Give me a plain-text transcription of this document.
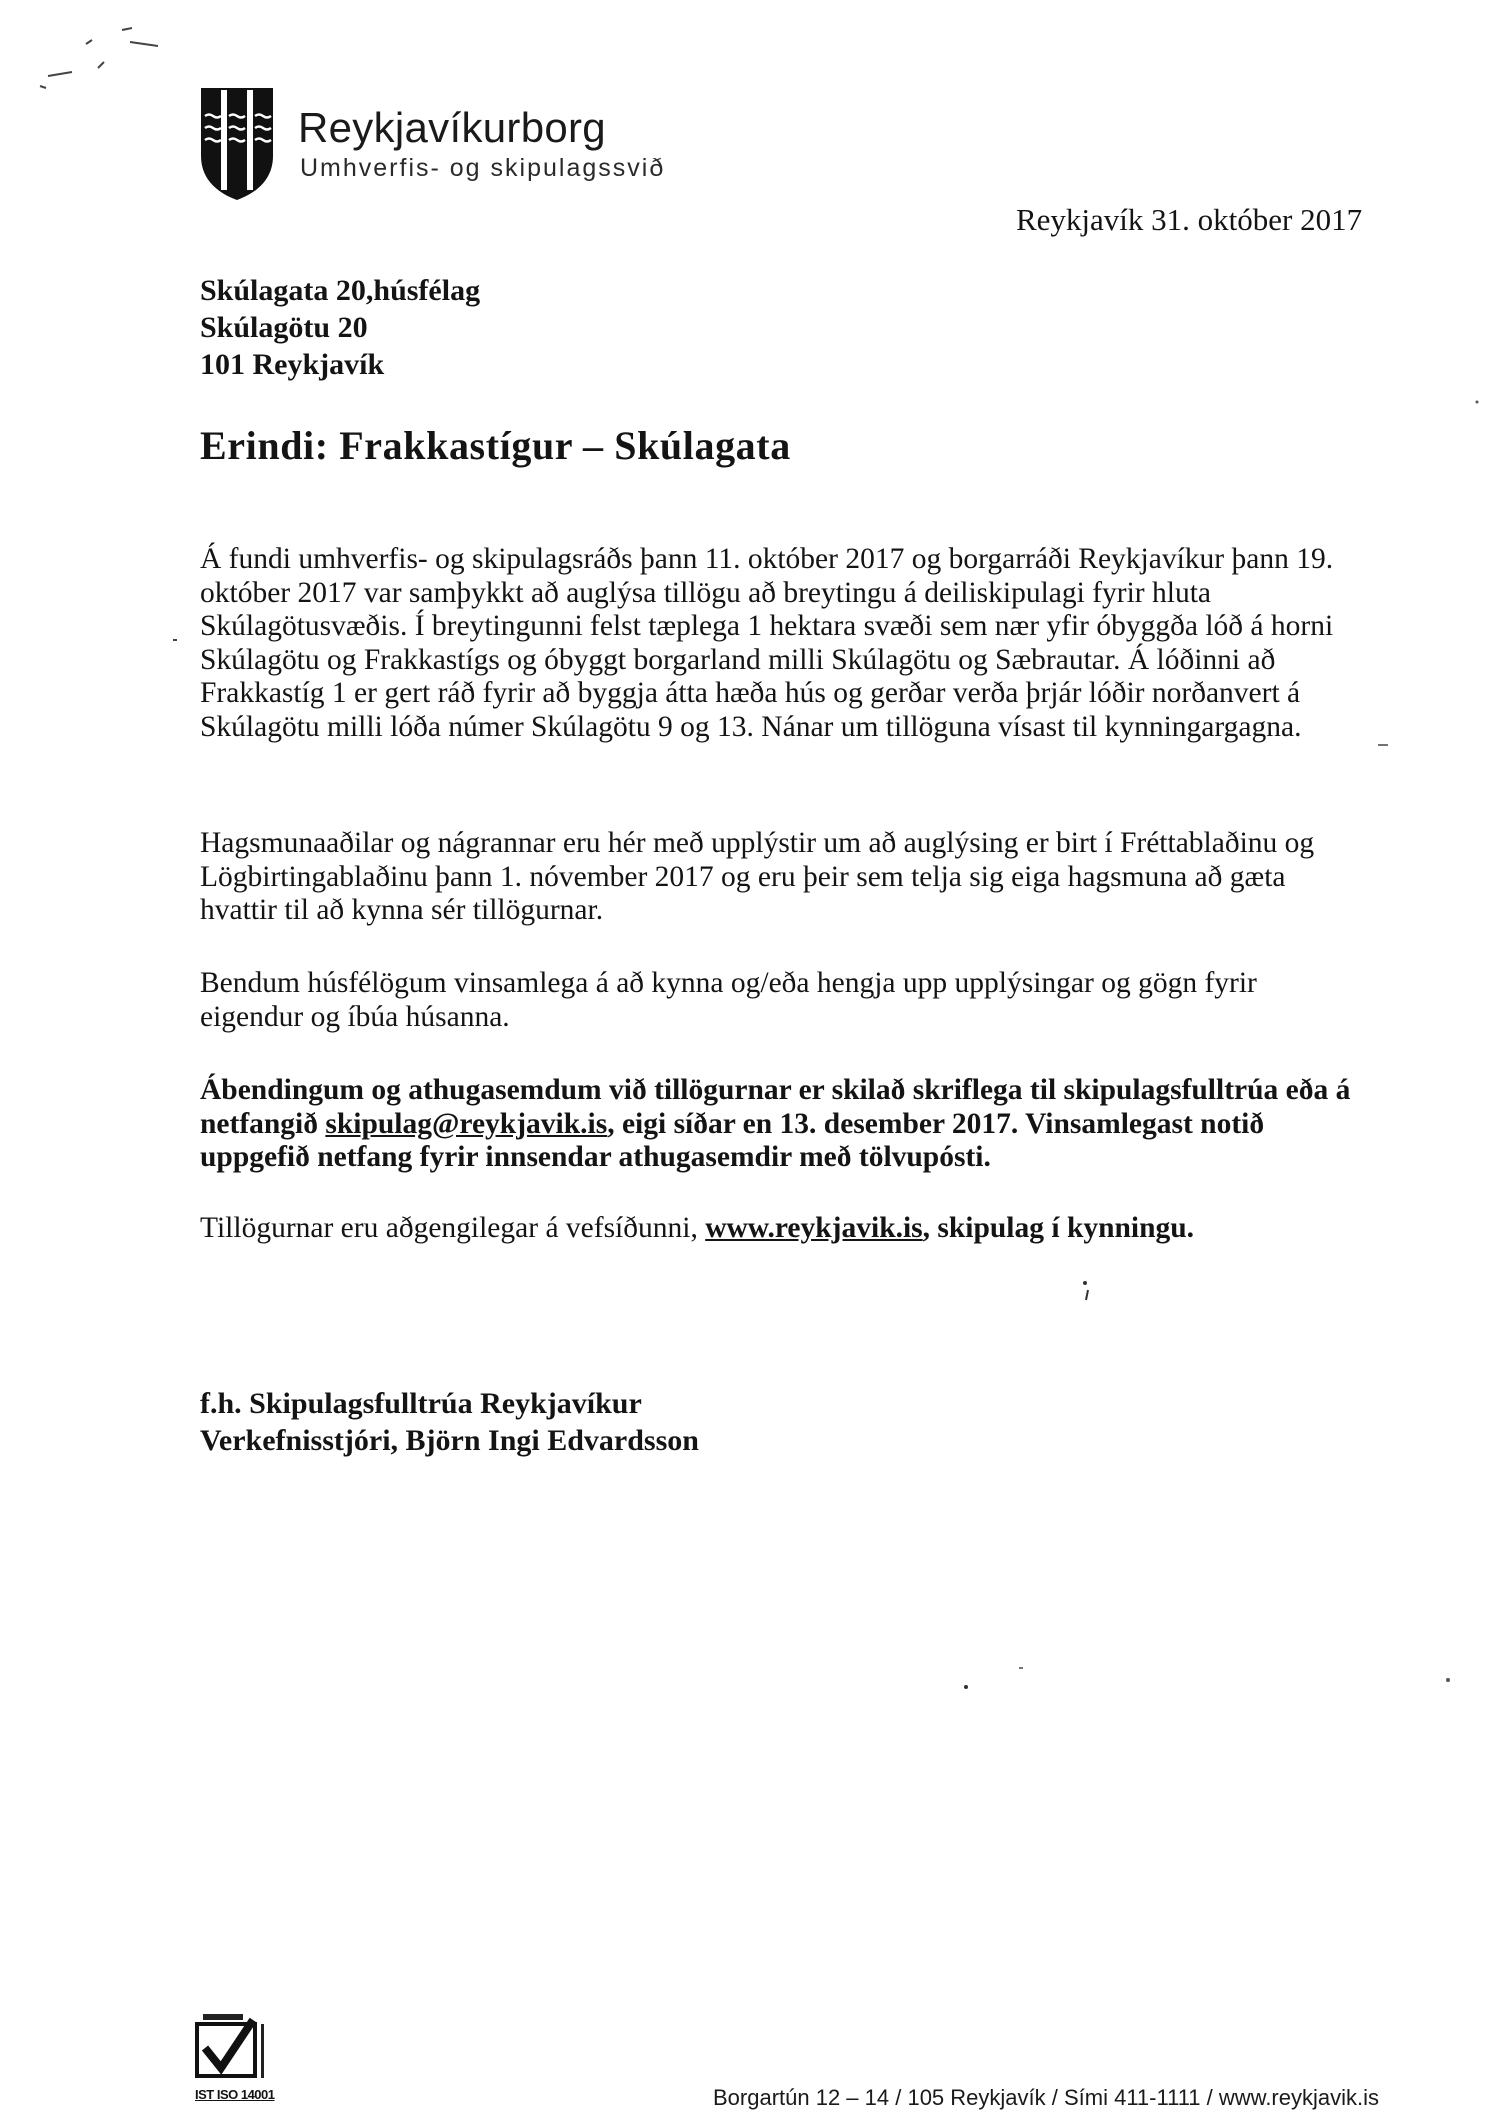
Reykjavíkurborg
Umhverfis- og skipulagssvið
Reykjavík 31. október 2017
Skúlagata 20,húsfélag
Skúlagötu 20
101 Reykjavík
Erindi: Frakkastígur – Skúlagata
Á fundi umhverfis- og skipulagsráðs þann 11. október 2017 og borgarráði Reykjavíkur þann 19. október 2017 var samþykkt að auglýsa tillögu að breytingu á deiliskipulagi fyrir hluta Skúlagötusvæðis. Í breytingunni felst tæplega 1 hektara svæði sem nær yfir óbyggða lóð á horni Skúlagötu og Frakkastígs og óbyggt borgarland milli Skúlagötu og Sæbrautar. Á lóðinni að Frakkastíg 1 er gert ráð fyrir að byggja átta hæða hús og gerðar verða þrjár lóðir norðanvert á Skúlagötu milli lóða númer Skúlagötu 9 og 13. Nánar um tillöguna vísast til kynningargagna.
Hagsmunaaðilar og nágrannar eru hér með upplýstir um að auglýsing er birt í Fréttablaðinu og Lögbirtingablaðinu þann 1. nóvember 2017 og eru þeir sem telja sig eiga hagsmuna að gæta hvattir til að kynna sér tillögurnar.
Bendum húsfélögum vinsamlega á að kynna og/eða hengja upp upplýsingar og gögn fyrir eigendur og íbúa húsanna.
Ábendingum og athugasemdum við tillögurnar er skilað skriflega til skipulagsfulltrúa eða á netfangið skipulag@reykjavik.is, eigi síðar en 13. desember 2017. Vinsamlegast notið uppgefið netfang fyrir innsendar athugasemdir með tölvupósti.
Tillögurnar eru aðgengilegar á vefsíðunni, www.reykjavik.is, skipulag í kynningu.
f.h. Skipulagsfulltrúa Reykjavíkur
Verkefnisstjóri, Björn Ingi Edvardsson
IST ISO 14001	Borgartún 12 – 14 / 105 Reykjavík / Sími 411-1111 / www.reykjavik.is
